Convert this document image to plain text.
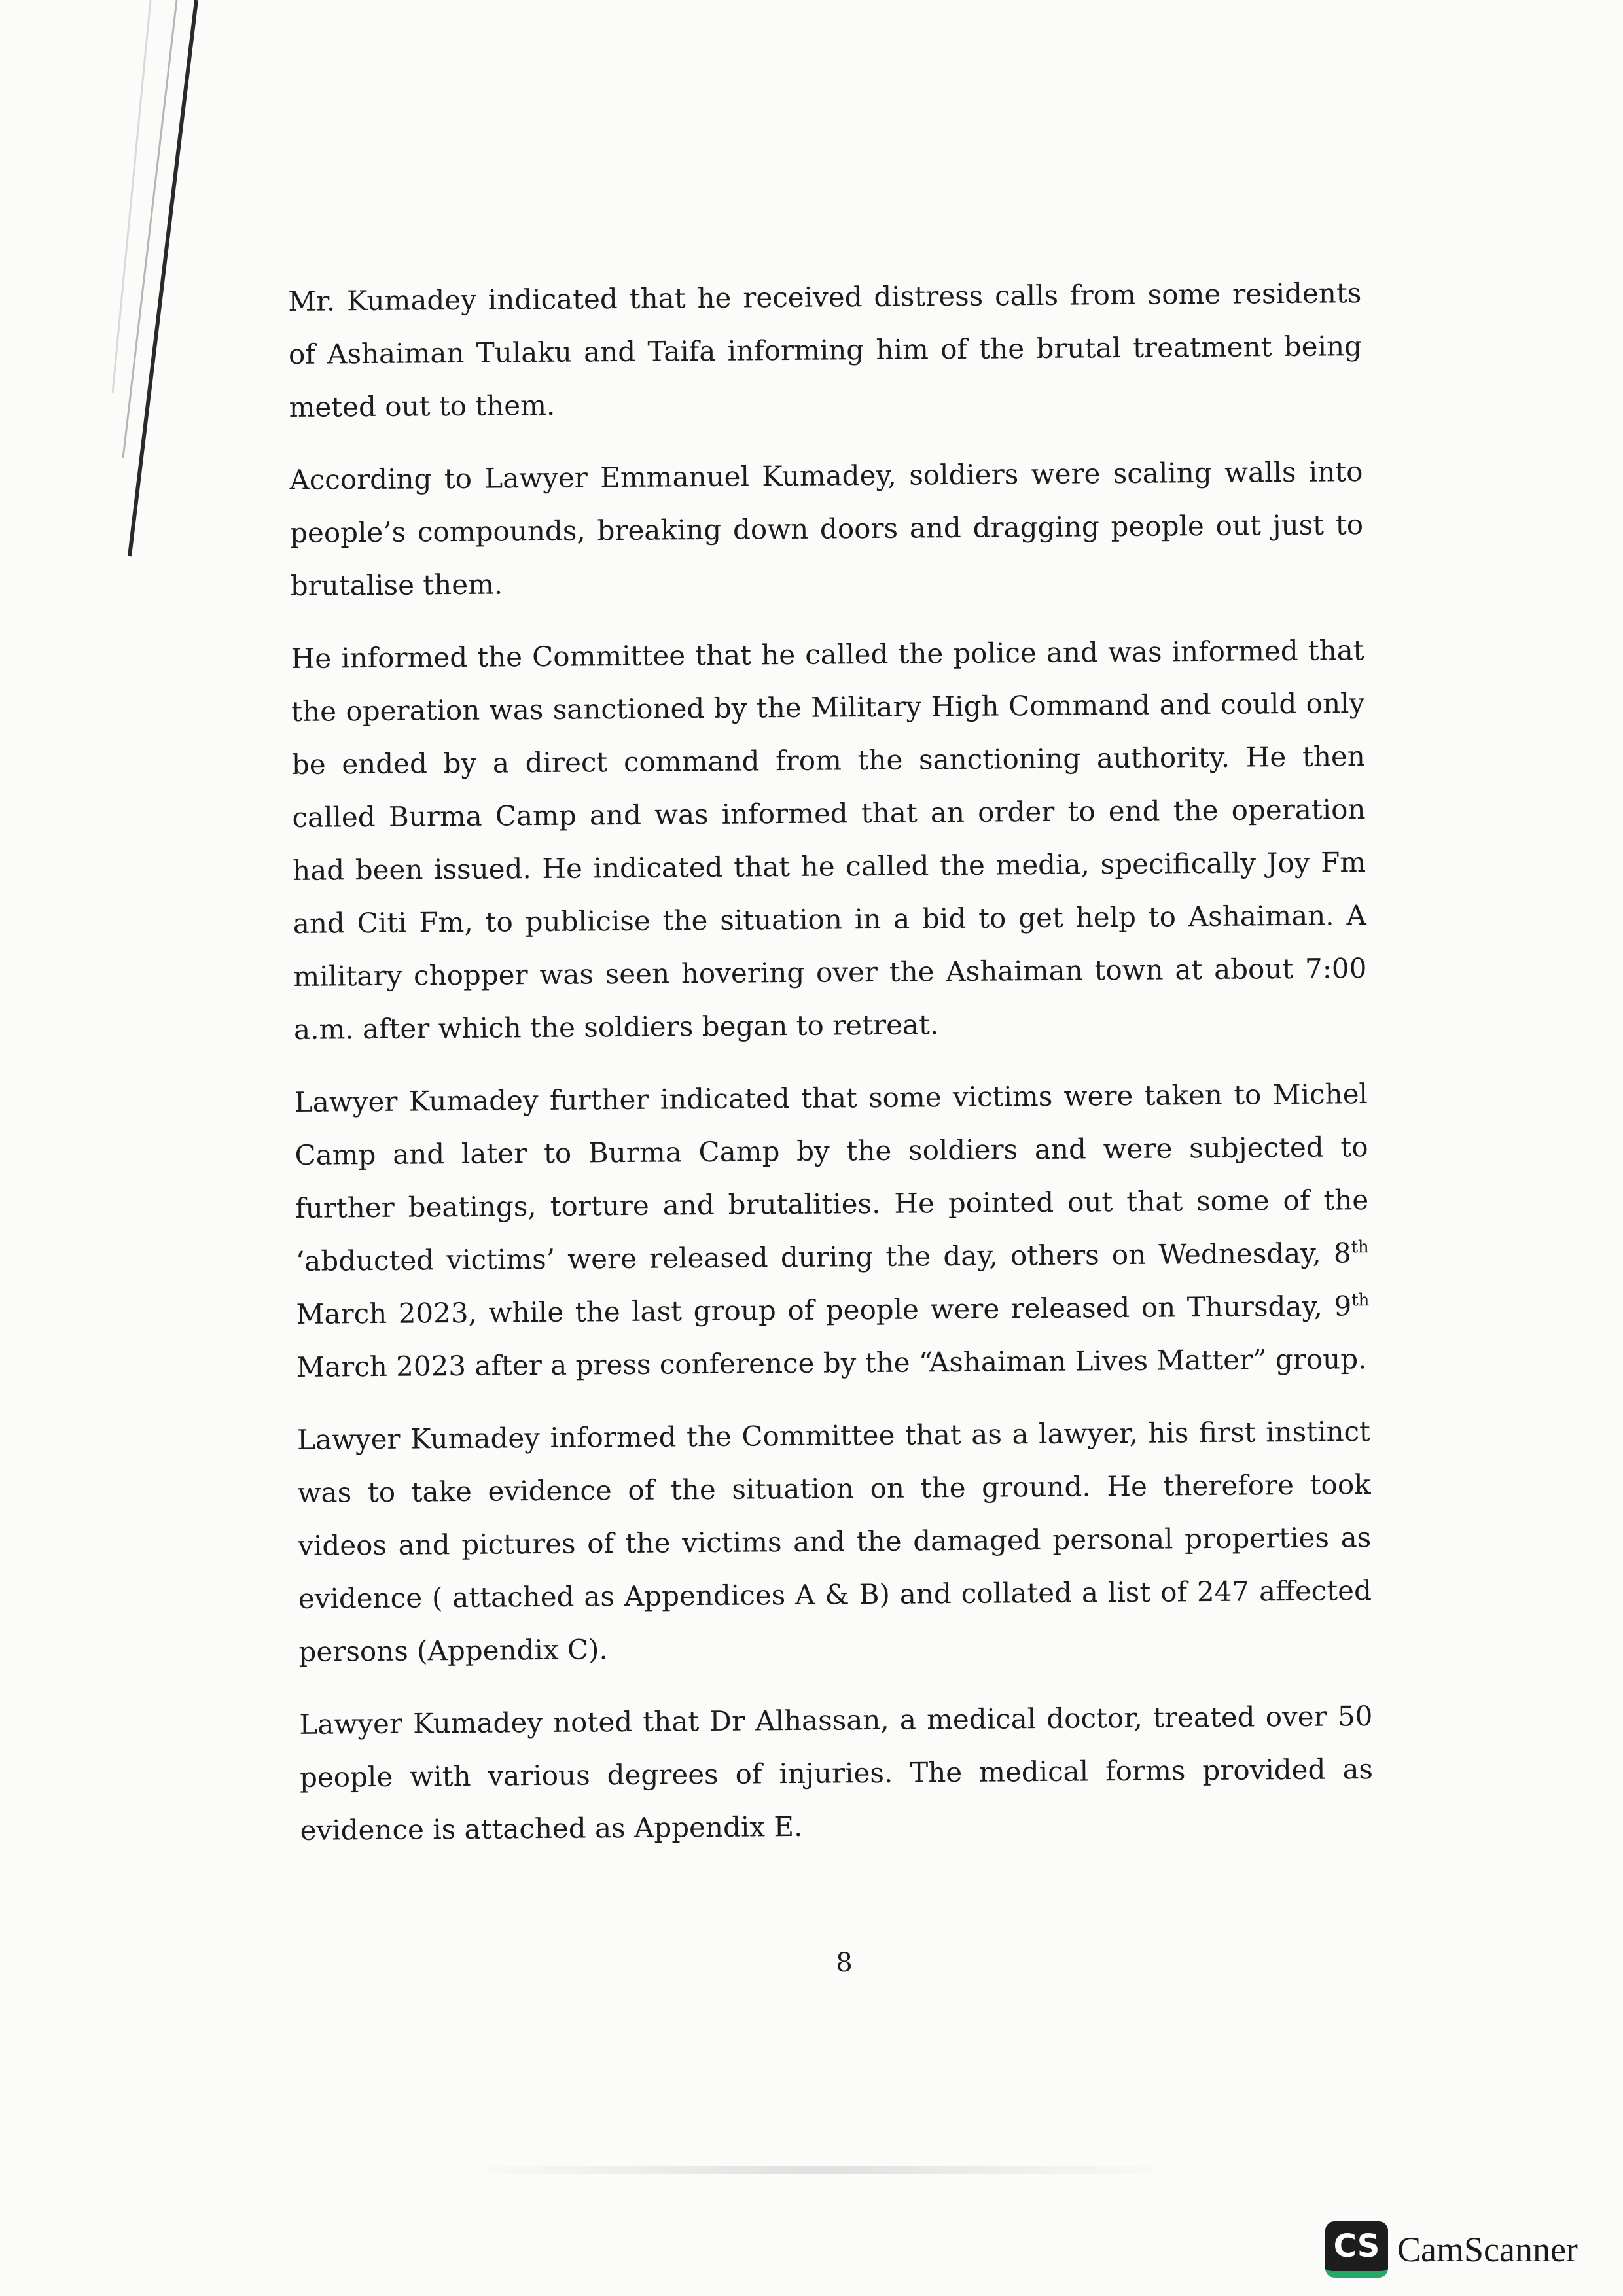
Mr. Kumadey indicated that he received distress calls from some residents of Ashaiman Tulaku and Taifa informing him of the brutal treatment being meted out to them.

According to Lawyer Emmanuel Kumadey, soldiers were scaling walls into people’s compounds, breaking down doors and dragging people out just to brutalise them.

He informed the Committee that he called the police and was informed that the operation was sanctioned by the Military High Command and could only be ended by a direct command from the sanctioning authority. He then called Burma Camp and was informed that an order to end the operation had been issued. He indicated that he called the media, specifically Joy Fm and Citi Fm, to publicise the situation in a bid to get help to Ashaiman. A military chopper was seen hovering over the Ashaiman town at about 7:00 a.m. after which the soldiers began to retreat.

Lawyer Kumadey further indicated that some victims were taken to Michel Camp and later to Burma Camp by the soldiers and were subjected to further beatings, torture and brutalities. He pointed out that some of the ‘abducted victims’ were released during the day, others on Wednesday, 8th March 2023, while the last group of people were released on Thursday, 9th March 2023 after a press conference by the “Ashaiman Lives Matter” group.

Lawyer Kumadey informed the Committee that as a lawyer, his first instinct was to take evidence of the situation on the ground. He therefore took videos and pictures of the victims and the damaged personal properties as evidence ( attached as Appendices A & B) and collated a list of 247 affected persons (Appendix C).

Lawyer Kumadey noted that Dr Alhassan, a medical doctor, treated over 50 people with various degrees of injuries. The medical forms provided as evidence is attached as Appendix E.

8
CS CamScanner
